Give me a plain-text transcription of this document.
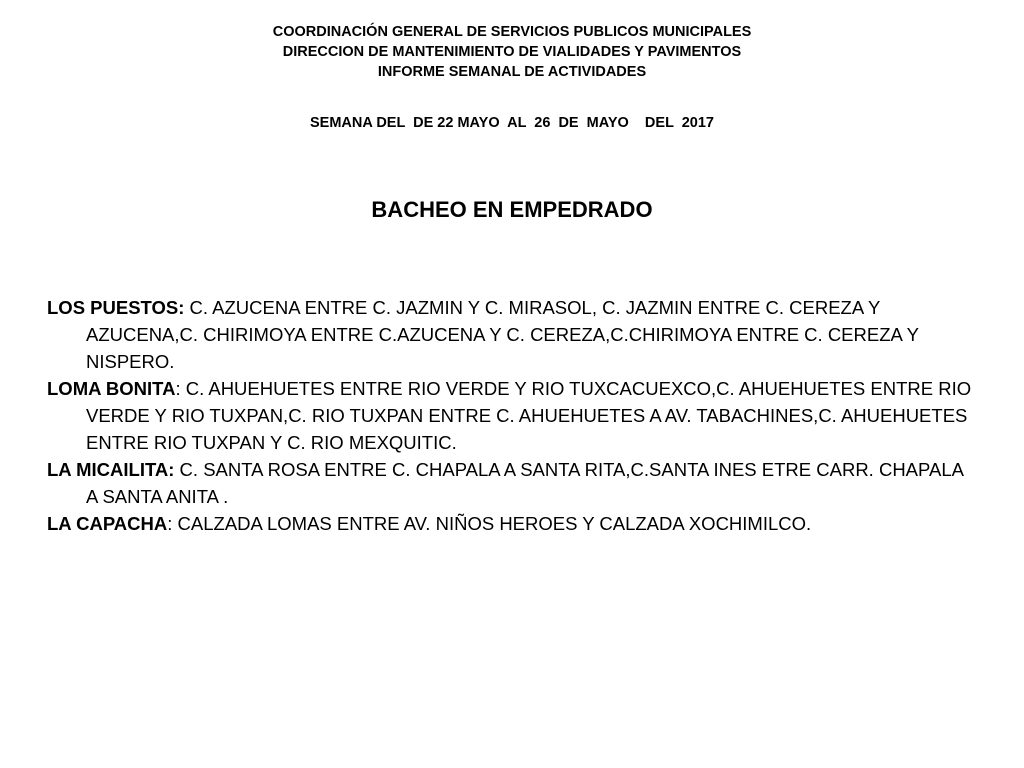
COORDINACIÓN GENERAL DE SERVICIOS PUBLICOS MUNICIPALES
DIRECCION DE MANTENIMIENTO DE VIALIDADES Y PAVIMENTOS
INFORME SEMANAL DE ACTIVIDADES
SEMANA DEL  DE 22 MAYO  AL  26  DE  MAYO    DEL  2017
BACHEO EN EMPEDRADO

LOS PUESTOS: C. AZUCENA ENTRE C. JAZMIN Y C. MIRASOL, C. JAZMIN ENTRE C. CEREZA Y AZUCENA,C. CHIRIMOYA ENTRE C.AZUCENA Y C. CEREZA,C.CHIRIMOYA ENTRE C. CEREZA Y NISPERO.

LOMA BONITA: C. AHUEHUETES ENTRE RIO VERDE Y RIO TUXCACUEXCO,C. AHUEHUETES ENTRE RIO VERDE Y RIO TUXPAN,C. RIO TUXPAN ENTRE C. AHUEHUETES A AV. TABACHINES,C. AHUEHUETES ENTRE RIO TUXPAN Y C. RIO MEXQUITIC.

LA MICAILITA: C. SANTA ROSA ENTRE C. CHAPALA A SANTA RITA,C.SANTA INES ETRE CARR. CHAPALA A SANTA ANITA .

LA CAPACHA: CALZADA LOMAS ENTRE AV. NIÑOS HEROES Y CALZADA XOCHIMILCO.
